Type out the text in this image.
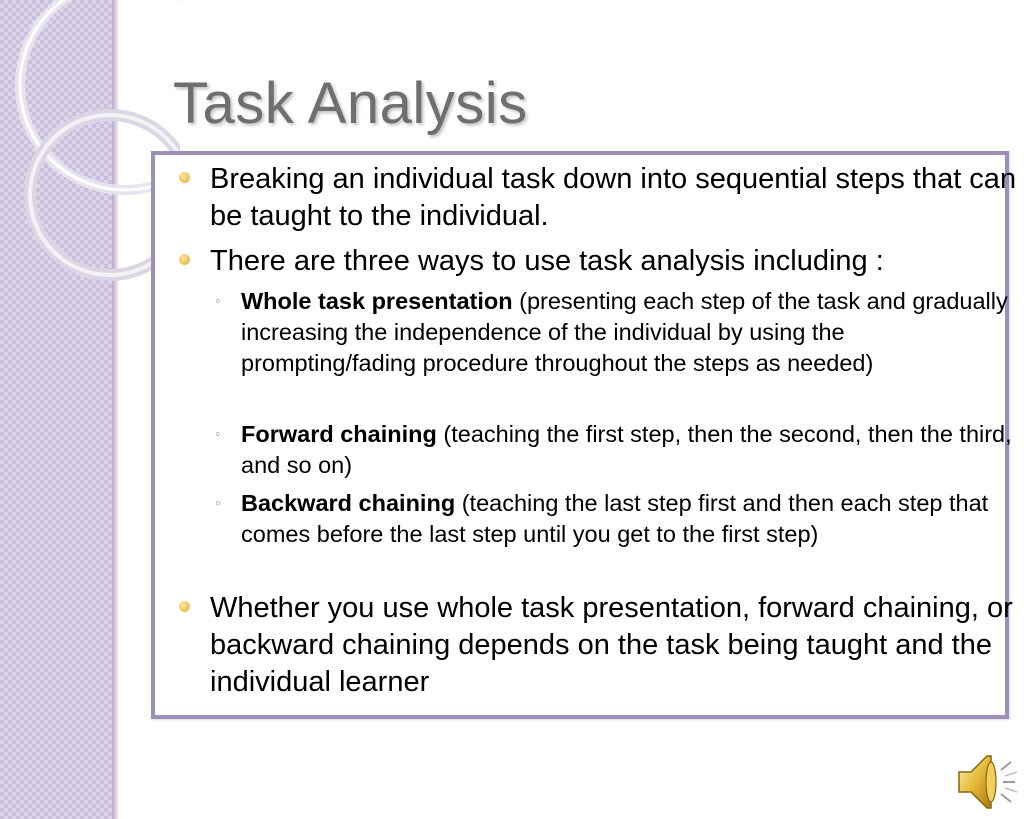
Task Analysis
Breaking an individual task down into sequential steps that can be taught to the individual.
There are three ways to use task analysis including :
◦ Whole task presentation (presenting each step of the task and gradually increasing the independence of the individual by using the prompting/fading procedure throughout the steps as needed)
◦ Forward chaining (teaching the first step, then the second, then the third, and so on)
◦ Backward chaining (teaching the last step first and then each step that comes before the last step until you get to the first step)
Whether you use whole task presentation, forward chaining, or backward chaining depends on the task being taught and the individual learner
